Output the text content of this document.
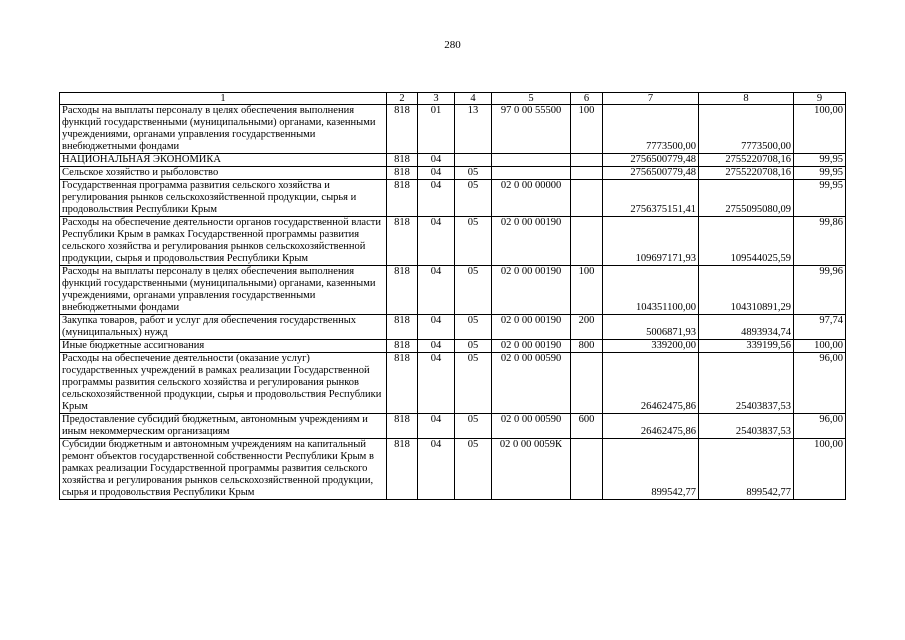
280
1	2	3	4	5	6	7	8	9
Расходы на выплаты персоналу в целях обеспечения выполнения функций государственными (муниципальными) органами, казенными учреждениями, органами управления государственными внебюджетными фондами	818	01	13	97 0 00 55500	100	7773500,00	7773500,00	100,00
НАЦИОНАЛЬНАЯ ЭКОНОМИКА	818	04				2756500779,48	2755220708,16	99,95
Сельское хозяйство и рыболовство	818	04	05			2756500779,48	2755220708,16	99,95
Государственная программа развития сельского хозяйства и регулирования рынков сельскохозяйственной продукции, сырья и продовольствия Республики Крым	818	04	05	02 0 00 00000		2756375151,41	2755095080,09	99,95
Расходы на обеспечение деятельности органов государственной власти Республики Крым в рамках Государственной программы развития сельского хозяйства и регулирования рынков сельскохозяйственной продукции, сырья и продовольствия Республики Крым	818	04	05	02 0 00 00190		109697171,93	109544025,59	99,86
Расходы на выплаты персоналу в целях обеспечения выполнения функций государственными (муниципальными) органами, казенными учреждениями, органами управления государственными внебюджетными фондами	818	04	05	02 0 00 00190	100	104351100,00	104310891,29	99,96
Закупка товаров, работ и услуг для обеспечения государственных (муниципальных) нужд	818	04	05	02 0 00 00190	200	5006871,93	4893934,74	97,74
Иные бюджетные ассигнования	818	04	05	02 0 00 00190	800	339200,00	339199,56	100,00
Расходы на обеспечение деятельности (оказание услуг) государственных учреждений в рамках реализации Государственной программы развития сельского хозяйства и регулирования рынков сельскохозяйственной продукции, сырья и продовольствия Республики Крым	818	04	05	02 0 00 00590		26462475,86	25403837,53	96,00
Предоставление субсидий бюджетным, автономным учреждениям и иным некоммерческим организациям	818	04	05	02 0 00 00590	600	26462475,86	25403837,53	96,00
Субсидии бюджетным и автономным учреждениям на капитальный ремонт объектов государственной собственности Республики Крым в рамках реализации Государственной программы развития сельского хозяйства и регулирования рынков сельскохозяйственной продукции, сырья и продовольствия Республики Крым	818	04	05	02 0 00 0059К		899542,77	899542,77	100,00
